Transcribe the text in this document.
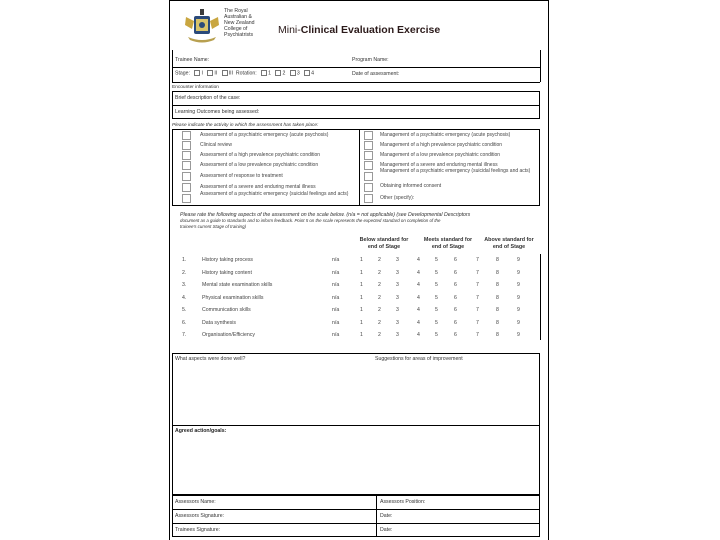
The Royal
Australian &
New Zealand
College of
Psychiatrists	Mini-Clinical Evaluation Exercise
Trainee Name:	Program Name:
Stage: I II III Rotation: 1 2 3 4	Date of assessment:
Encounter information
Brief description of the case:
Learning Outcomes being assessed:
Please indicate the activity in which the assessment has taken place:
Assessment of a psychiatric emergency (acute psychosis)
Clinical review
Assessment of a high prevalence psychiatric condition
Assessment of a low prevalence psychiatric condition
Assessment of response to treatment
Assessment of a severe and enduring mental illness
Assessment of a psychiatric emergency (suicidal feelings and acts)
Management of a psychiatric emergency (acute psychosis)
Management of a high prevalence psychiatric condition
Management of a low prevalence psychiatric condition
Management of a severe and enduring mental illness
Management of a psychiatric emergency (suicidal feelings and acts)
Obtaining informed consent
Other (specify):
Please rate the following aspects of the assessment on the scale below. (n/a = not applicable) (see Developmental Descriptors
document as a guide to standards and to inform feedback. Point 5 on the scale represents the expected standard on completion of the
trainee's current Stage of training)
Below standard for
end of Stage
Meets standard for
end of Stage
Above standard for
end of Stage
1.	History taking process	n/a	1	2	3	4	5	6	7	8	9
2.	History taking content	n/a	1	2	3	4	5	6	7	8	9
3.	Mental state examination skills	n/a	1	2	3	4	5	6	7	8	9
4.	Physical examination skills	n/a	1	2	3	4	5	6	7	8	9
5.	Communication skills	n/a	1	2	3	4	5	6	7	8	9
6.	Data synthesis	n/a	1	2	3	4	5	6	7	8	9
7.	Organisation/Efficiency	n/a	1	2	3	4	5	6	7	8	9
What aspects were done well?	Suggestions for areas of improvement
Agreed action/goals:
Assessors Name:	Assessors Position:
Assessors Signature:	Date:
Trainees Signature:	Date:
